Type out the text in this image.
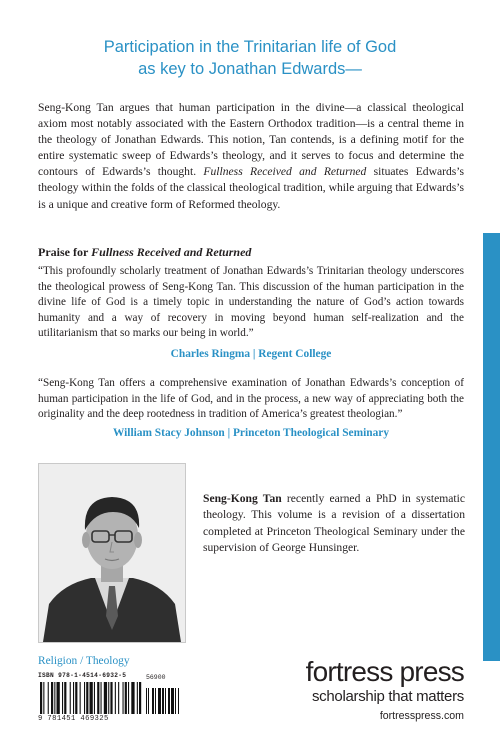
Participation in the Trinitarian life of God
as key to Jonathan Edwards—
Seng-Kong Tan argues that human participation in the divine—a classical theological axiom most notably associated with the Eastern Orthodox tradition—is a central theme in the theology of Jonathan Edwards. This notion, Tan contends, is a defining motif for the entire systematic sweep of Edwards’s theology, and it serves to focus and determine the contours of Edwards’s thought. Fullness Received and Returned situates Edwards’s theology within the folds of the classical theological tradition, while arguing that Edwards’s is a unique and creative form of Reformed theology.
Praise for Fullness Received and Returned
“This profoundly scholarly treatment of Jonathan Edwards’s Trinitarian theology underscores the theological prowess of Seng-Kong Tan. This discussion of the human participation in the divine life of God is a timely topic in understanding the nature of God’s action towards humanity and a way of recovery in moving beyond human self-realization and the utilitarianism that so marks our being in world.”
Charles Ringma | Regent College
“Seng-Kong Tan offers a comprehensive examination of Jonathan Edwards’s conception of human participation in the life of God, and in the process, a new way of appreciating both the originality and the deep rootedness in tradition of America’s greatest theologian.”
William Stacy Johnson | Princeton Theological Seminary
Seng-Kong Tan recently earned a PhD in systematic theology. This volume is a revision of a dissertation completed at Princeton Theological Seminary under the supervision of George Hunsinger.
Religion / Theology
ISBN 978-1-4514-6932-5	56900
9 781451 469325
fortress press
scholarship that matters
fortresspress.com
